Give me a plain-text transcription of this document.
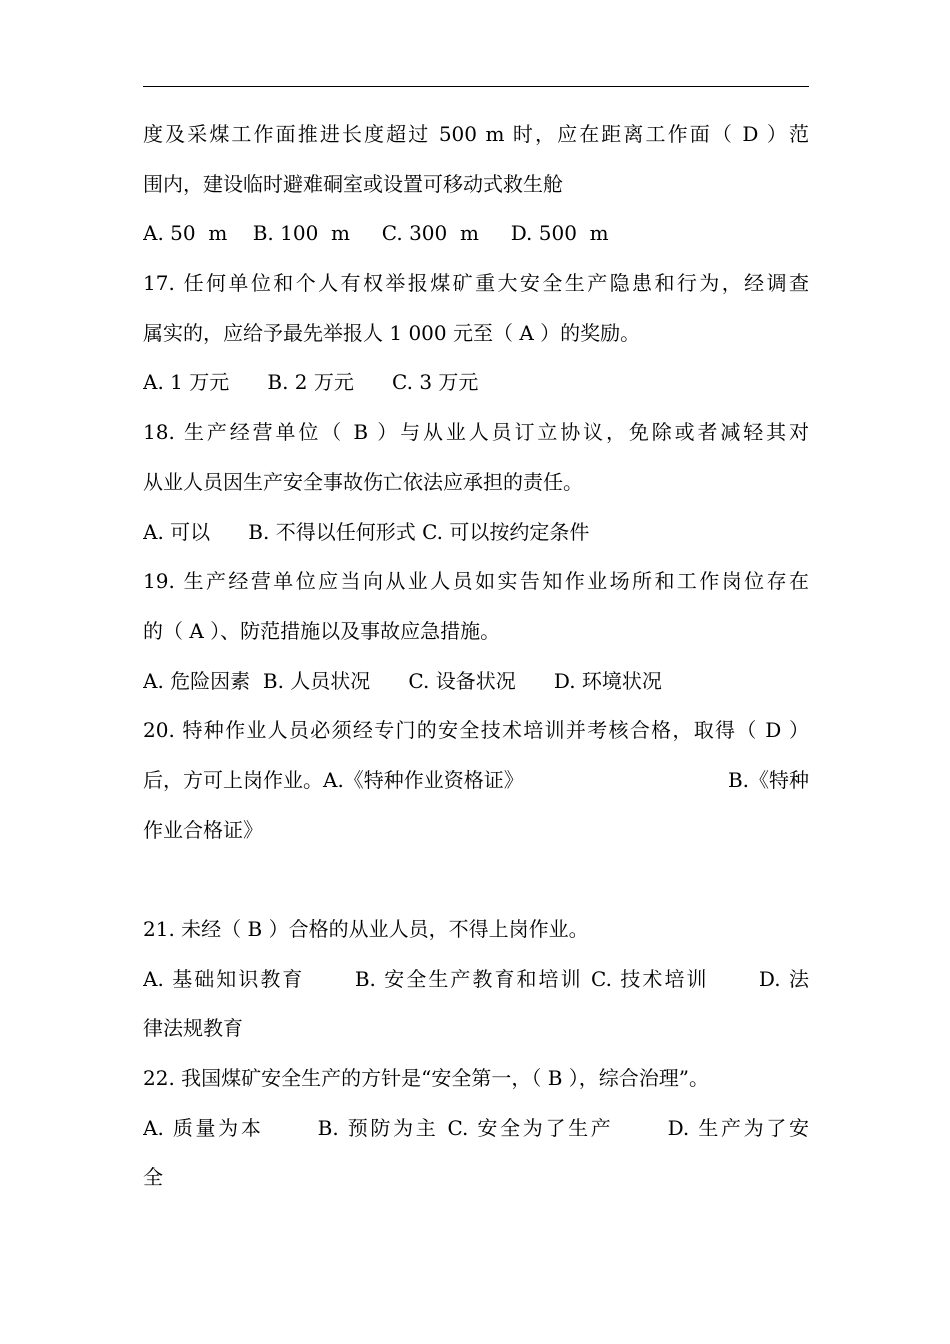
度及采煤工作面推进长度超过 500 m 时，应在距离工作面（ D ）范
围内，建设临时避难硐室或设置可移动式救生舱
A. 50  m    B. 100  m     C. 300  m     D. 500  m
17. 任何单位和个人有权举报煤矿重大安全生产隐患和行为，经调查
属实的，应给予最先举报人 1 000 元至（ A ）的奖励。
A. 1 万元      B. 2 万元      C. 3 万元
18. 生产经营单位（ B ）与从业人员订立协议，免除或者减轻其对
从业人员因生产安全事故伤亡依法应承担的责任。
A. 可以      B. 不得以任何形式 C. 可以按约定条件
19. 生产经营单位应当向从业人员如实告知作业场所和工作岗位存在
的（ A ）、防范措施以及事故应急措施。
A. 危险因素  B. 人员状况      C. 设备状况      D. 环境状况
20. 特种作业人员必须经专门的安全技术培训并考核合格，取得（ D ）
后，方可上岗作业。A.《特种作业资格证》	B.《特种
作业合格证》

21. 未经（ B ）合格的从业人员，不得上岗作业。
A. 基础知识教育      B. 安全生产教育和培训 C. 技术培训      D. 法
律法规教育
22. 我国煤矿安全生产的方针是“安全第一，（ B ），综合治理”。
A. 质量为本      B. 预防为主 C. 安全为了生产      D. 生产为了安
全
